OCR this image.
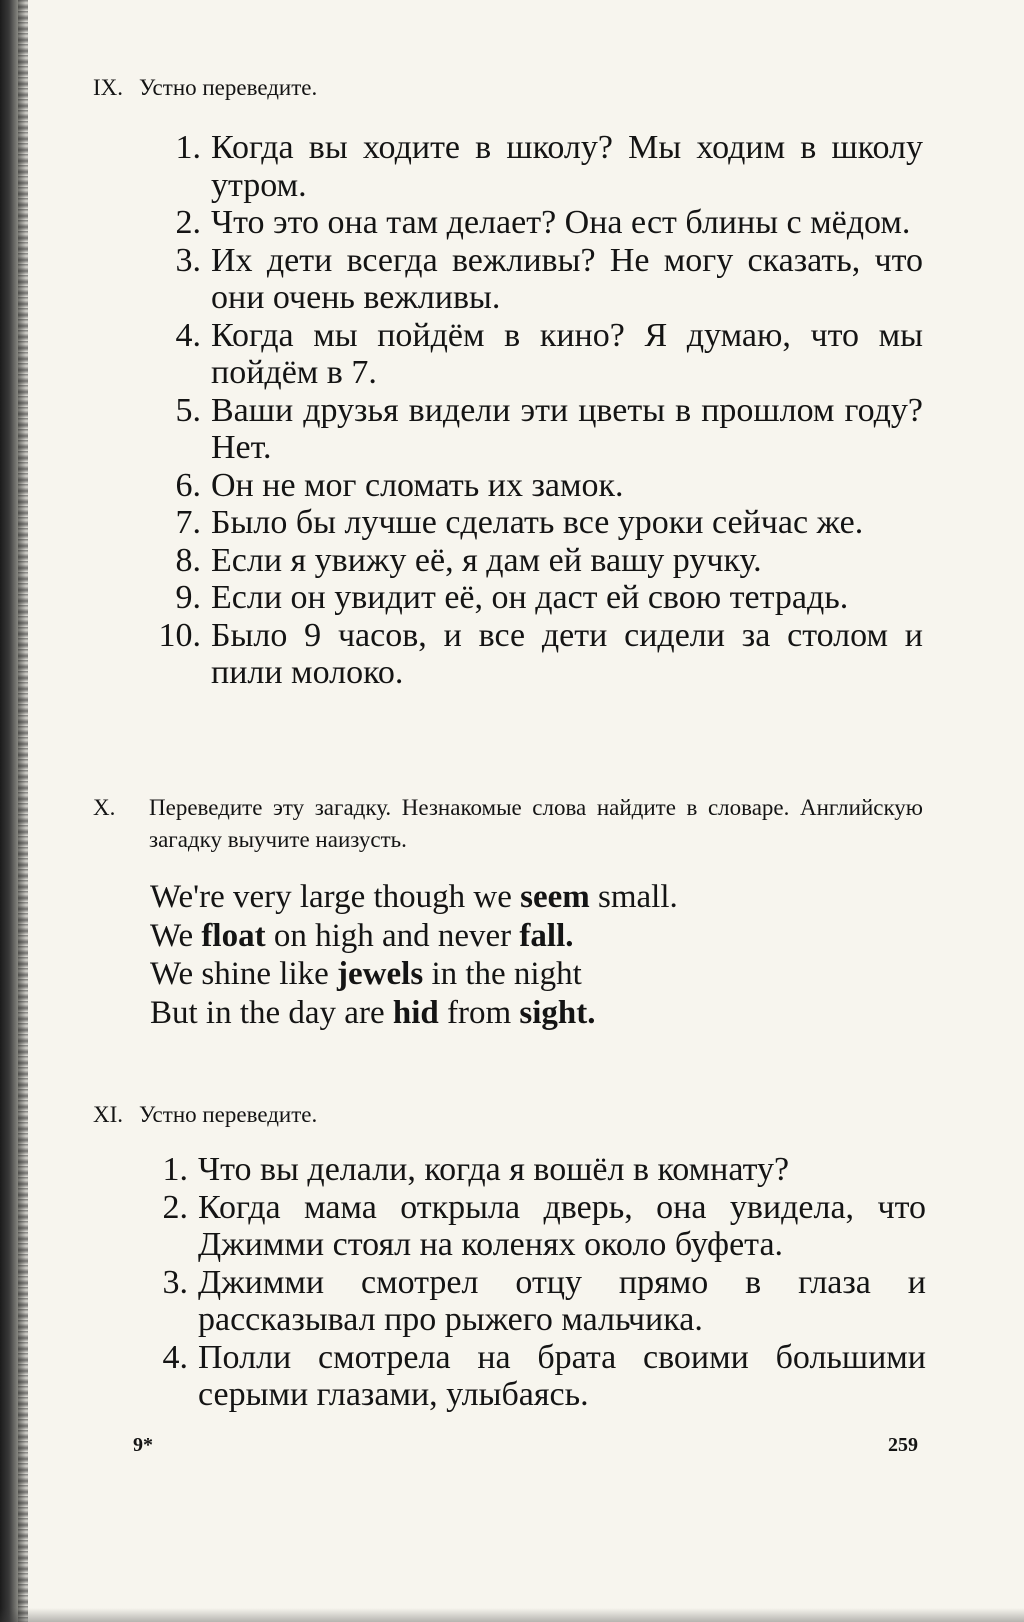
IX. Устно переведите.
1. Когда вы ходите в школу? Мы ходим в школу утром.
2. Что это она там делает? Она ест блины с мёдом.
3. Их дети всегда вежливы? Не могу сказать, что они очень вежливы.
4. Когда мы пойдём в кино? Я думаю, что мы пойдём в 7.
5. Ваши друзья видели эти цветы в прошлом году? Нет.
6. Он не мог сломать их замок.
7. Было бы лучше сделать все уроки сейчас же.
8. Если я увижу её, я дам ей вашу ручку.
9. Если он увидит её, он даст ей свою тетрадь.
10. Было 9 часов, и все дети сидели за столом и пили молоко.
X. Переведите эту загадку. Незнакомые слова найдите в словаре. Английскую загадку выучите наизусть.
We're very large though we seem small.
We float on high and never fall.
We shine like jewels in the night
But in the day are hid from sight.
XI. Устно переведите.
1. Что вы делали, когда я вошёл в комнату?
2. Когда мама открыла дверь, она увидела, что Джимми стоял на коленях около буфета.
3. Джимми смотрел отцу прямо в глаза и рассказывал про рыжего мальчика.
4. Полли смотрела на брата своими большими серыми глазами, улыбаясь.
9*	259
